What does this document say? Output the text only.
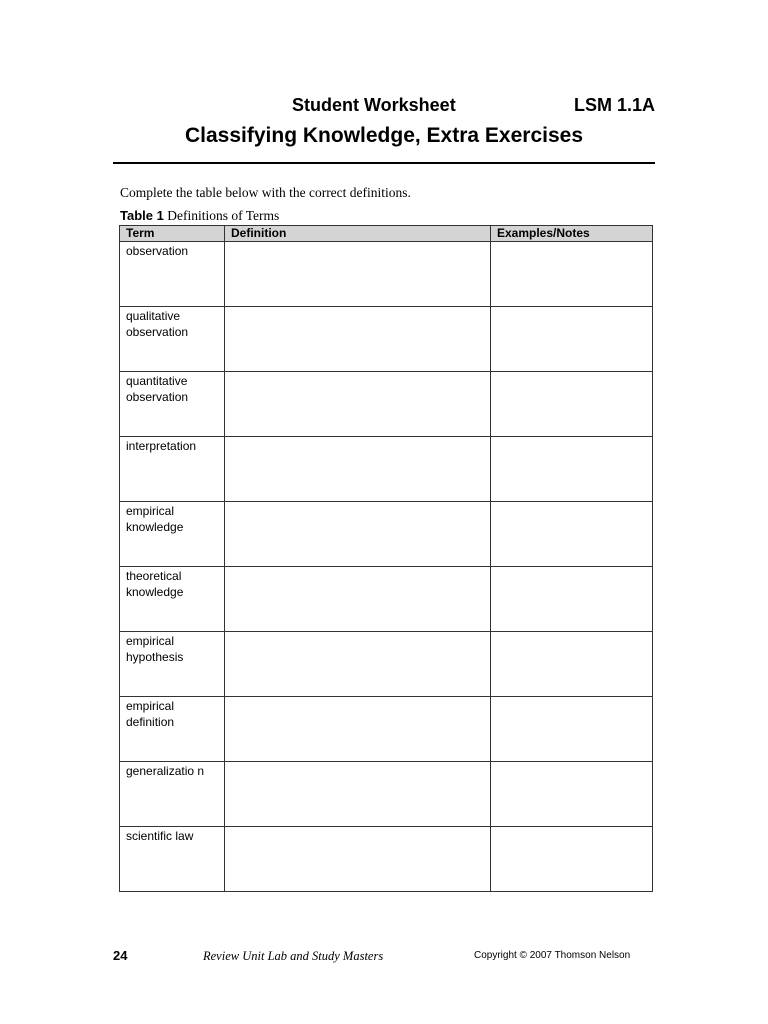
Student Worksheet	LSM 1.1A
Classifying Knowledge, Extra Exercises
Complete the table below with the correct definitions.
Table 1 Definitions of Terms
Term	Definition	Examples/Notes
observation		
qualitative observation		
quantitative observation		
interpretation		
empirical knowledge		
theoretical knowledge		
empirical hypothesis		
empirical definition		
generalizatio n		
scientific law		
24	Review Unit Lab and Study Masters	Copyright © 2007 Thomson Nelson
